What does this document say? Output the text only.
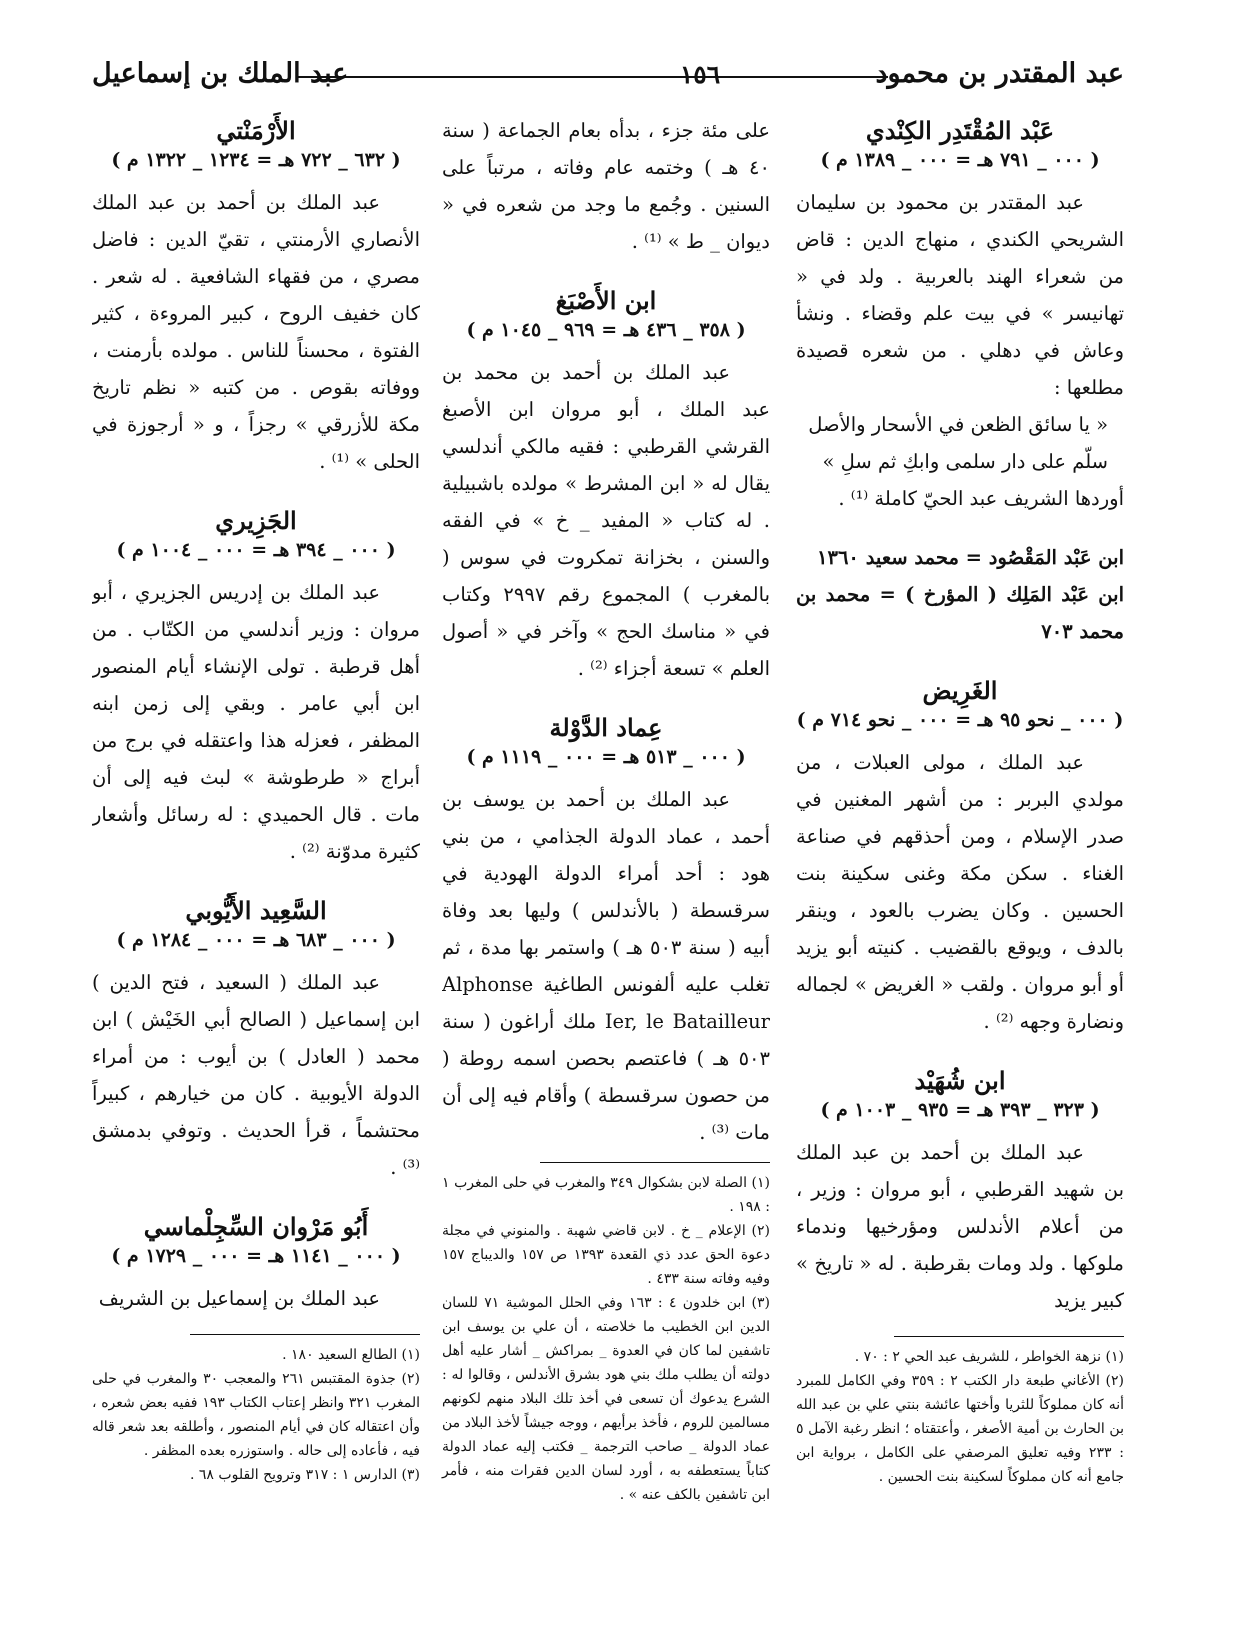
عبد المقتدر بن محمود
١٥٦
عبد الملك بن إسماعيل
عَبْد المُقْتَدِر الكِنْدي
( ٠٠٠ _ ٧٩١ هـ = ٠٠٠ _ ١٣٨٩ م )

عبد المقتدر بن محمود بن سليمان الشريحي الكندي ، منهاج الدين : قاض من شعراء الهند بالعربية . ولد في « تهانيسر » في بيت علم وقضاء . ونشأ وعاش في دهلي . من شعره قصيدة مطلعها :

« يا سائق الظعن في الأسحار والأصل

سلّم على دار سلمى وابكِ ثم سلِ »

أوردها الشريف عبد الحيّ كاملة ⁽¹⁾ .

ابن عَبْد المَقْصُود = محمد سعيد ١٣٦٠

ابن عَبْد المَلِك ( المؤرخ ) = محمد بن محمد ٧٠٣

الغَرِيض
( ٠٠٠ _ نحو ٩٥ هـ = ٠٠٠ _ نحو ٧١٤ م )

عبد الملك ، مولى العبلات ، من مولدي البربر : من أشهر المغنين في صدر الإسلام ، ومن أحذقهم في صناعة الغناء . سكن مكة وغنى سكينة بنت الحسين . وكان يضرب بالعود ، وينقر بالدف ، ويوقع بالقضيب . كنيته أبو يزيد أو أبو مروان . ولقب « الغريض » لجماله ونضارة وجهه ⁽²⁾ .

ابن شُهَيْد
( ٣٢٣ _ ٣٩٣ هـ = ٩٣٥ _ ١٠٠٣ م )

عبد الملك بن أحمد بن عبد الملك بن شهيد القرطبي ، أبو مروان : وزير ، من أعلام الأندلس ومؤرخيها وندماء ملوكها . ولد ومات بقرطبة . له « تاريخ » كبير يزيد

(١) نزهة الخواطر ، للشريف عبد الحي ٢ : ٧٠ .

(٢) الأغاني طبعة دار الكتب ٢ : ٣٥٩ وفي الكامل للمبرد أنه كان مملوكاً للثريا وأختها عائشة بنتي علي بن عبد الله بن الحارث بن أمية الأصغر ، وأعتقتاه ؛ انظر رغبة الآمل ٥ : ٢٣٣ وفيه تعليق المرصفي على الكامل ، برواية ابن جامع أنه كان مملوكاً لسكينة بنت الحسين .

على مئة جزء ، بدأه بعام الجماعة ( سنة ٤٠ هـ ) وختمه عام وفاته ، مرتباً على السنين . وجُمع ما وجد من شعره في « ديوان _ ط » ⁽¹⁾ .

ابن الأَصْبَغ
( ٣٥٨ _ ٤٣٦ هـ = ٩٦٩ _ ١٠٤٥ م )

عبد الملك بن أحمد بن محمد بن عبد الملك ، أبو مروان ابن الأصبغ القرشي القرطبي : فقيه مالكي أندلسي يقال له « ابن المشرط » مولده باشبيلية . له كتاب « المفيد _ خ » في الفقه والسنن ، بخزانة تمكروت في سوس ( بالمغرب ) المجموع رقم ٢٩٩٧ وكتاب في « مناسك الحج » وآخر في « أصول العلم » تسعة أجزاء ⁽²⁾ .

عِماد الدَّوْلة
( ٠٠٠ _ ٥١٣ هـ = ٠٠٠ _ ١١١٩ م )

عبد الملك بن أحمد بن يوسف بن أحمد ، عماد الدولة الجذامي ، من بني هود : أحد أمراء الدولة الهودية في سرقسطة ( بالأندلس ) وليها بعد وفاة أبيه ( سنة ٥٠٣ هـ ) واستمر بها مدة ، ثم تغلب عليه ألفونس الطاغية Alphonse Ier, le Batailleur ملك أراغون ( سنة ٥٠٣ هـ ) فاعتصم بحصن اسمه روطة ( من حصون سرقسطة ) وأقام فيه إلى أن مات ⁽³⁾ .

(١) الصلة لابن بشكوال ٣٤٩ والمغرب في حلى المغرب ١ : ١٩٨ .

(٢) الإعلام _ خ . لابن قاضي شهبة . والمنوني في مجلة دعوة الحق عدد ذي القعدة ١٣٩٣ ص ١٥٧ والديباج ١٥٧ وفيه وفاته سنة ٤٣٣ .

(٣) ابن خلدون ٤ : ١٦٣ وفي الحلل الموشية ٧١ للسان الدين ابن الخطيب ما خلاصته ، أن علي بن يوسف ابن تاشفين لما كان في العدوة _ بمراكش _ أشار عليه أهل دولته أن يطلب ملك بني هود بشرق الأندلس ، وقالوا له : الشرع يدعوك أن تسعى في أخذ تلك البلاد منهم لكونهم مسالمين للروم ، فأخذ برأيهم ، ووجه جيشاً لأخذ البلاد من عماد الدولة _ صاحب الترجمة _ فكتب إليه عماد الدولة كتاباً يستعطفه به ، أورد لسان الدين فقرات منه ، فأمر ابن تاشفين بالكف عنه » .

الأَرْمَنْتي
( ٦٣٢ _ ٧٢٢ هـ = ١٢٣٤ _ ١٣٢٢ م )

عبد الملك بن أحمد بن عبد الملك الأنصاري الأرمنتي ، تقيّ الدين : فاضل مصري ، من فقهاء الشافعية . له شعر . كان خفيف الروح ، كبير المروءة ، كثير الفتوة ، محسناً للناس . مولده بأرمنت ، ووفاته بقوص . من كتبه « نظم تاريخ مكة للأزرقي » رجزاً ، و « أرجوزة في الحلى » ⁽¹⁾ .

الجَزِيري
( ٠٠٠ _ ٣٩٤ هـ = ٠٠٠ _ ١٠٠٤ م )

عبد الملك بن إدريس الجزيري ، أبو مروان : وزير أندلسي من الكتّاب . من أهل قرطبة . تولى الإنشاء أيام المنصور ابن أبي عامر . وبقي إلى زمن ابنه المظفر ، فعزله هذا واعتقله في برج من أبراج « طرطوشة » لبث فيه إلى أن مات . قال الحميدي : له رسائل وأشعار كثيرة مدوّنة ⁽²⁾ .

السَّعِيد الأَيُّوبي
( ٠٠٠ _ ٦٨٣ هـ = ٠٠٠ _ ١٢٨٤ م )

عبد الملك ( السعيد ، فتح الدين ) ابن إسماعيل ( الصالح أبي الخَيْش ) ابن محمد ( العادل ) بن أيوب : من أمراء الدولة الأيوبية . كان من خيارهم ، كبيراً محتشماً ، قرأ الحديث . وتوفي بدمشق ⁽³⁾ .

أَبُو مَرْوان السِّجِلْماسي
( ٠٠٠ _ ١١٤١ هـ = ٠٠٠ _ ١٧٢٩ م )

عبد الملك بن إسماعيل بن الشريف

(١) الطالع السعيد ١٨٠ .

(٢) جذوة المقتبس ٢٦١ والمعجب ٣٠ والمغرب في حلى المغرب ٣٢١ وانظر إعتاب الكتاب ١٩٣ ففيه بعض شعره ، وأن اعتقاله كان في أيام المنصور ، وأطلقه بعد شعر قاله فيه ، فأعاده إلى حاله . واستوزره بعده المظفر .

(٣) الدارس ١ : ٣١٧ وترويح القلوب ٦٨ .
